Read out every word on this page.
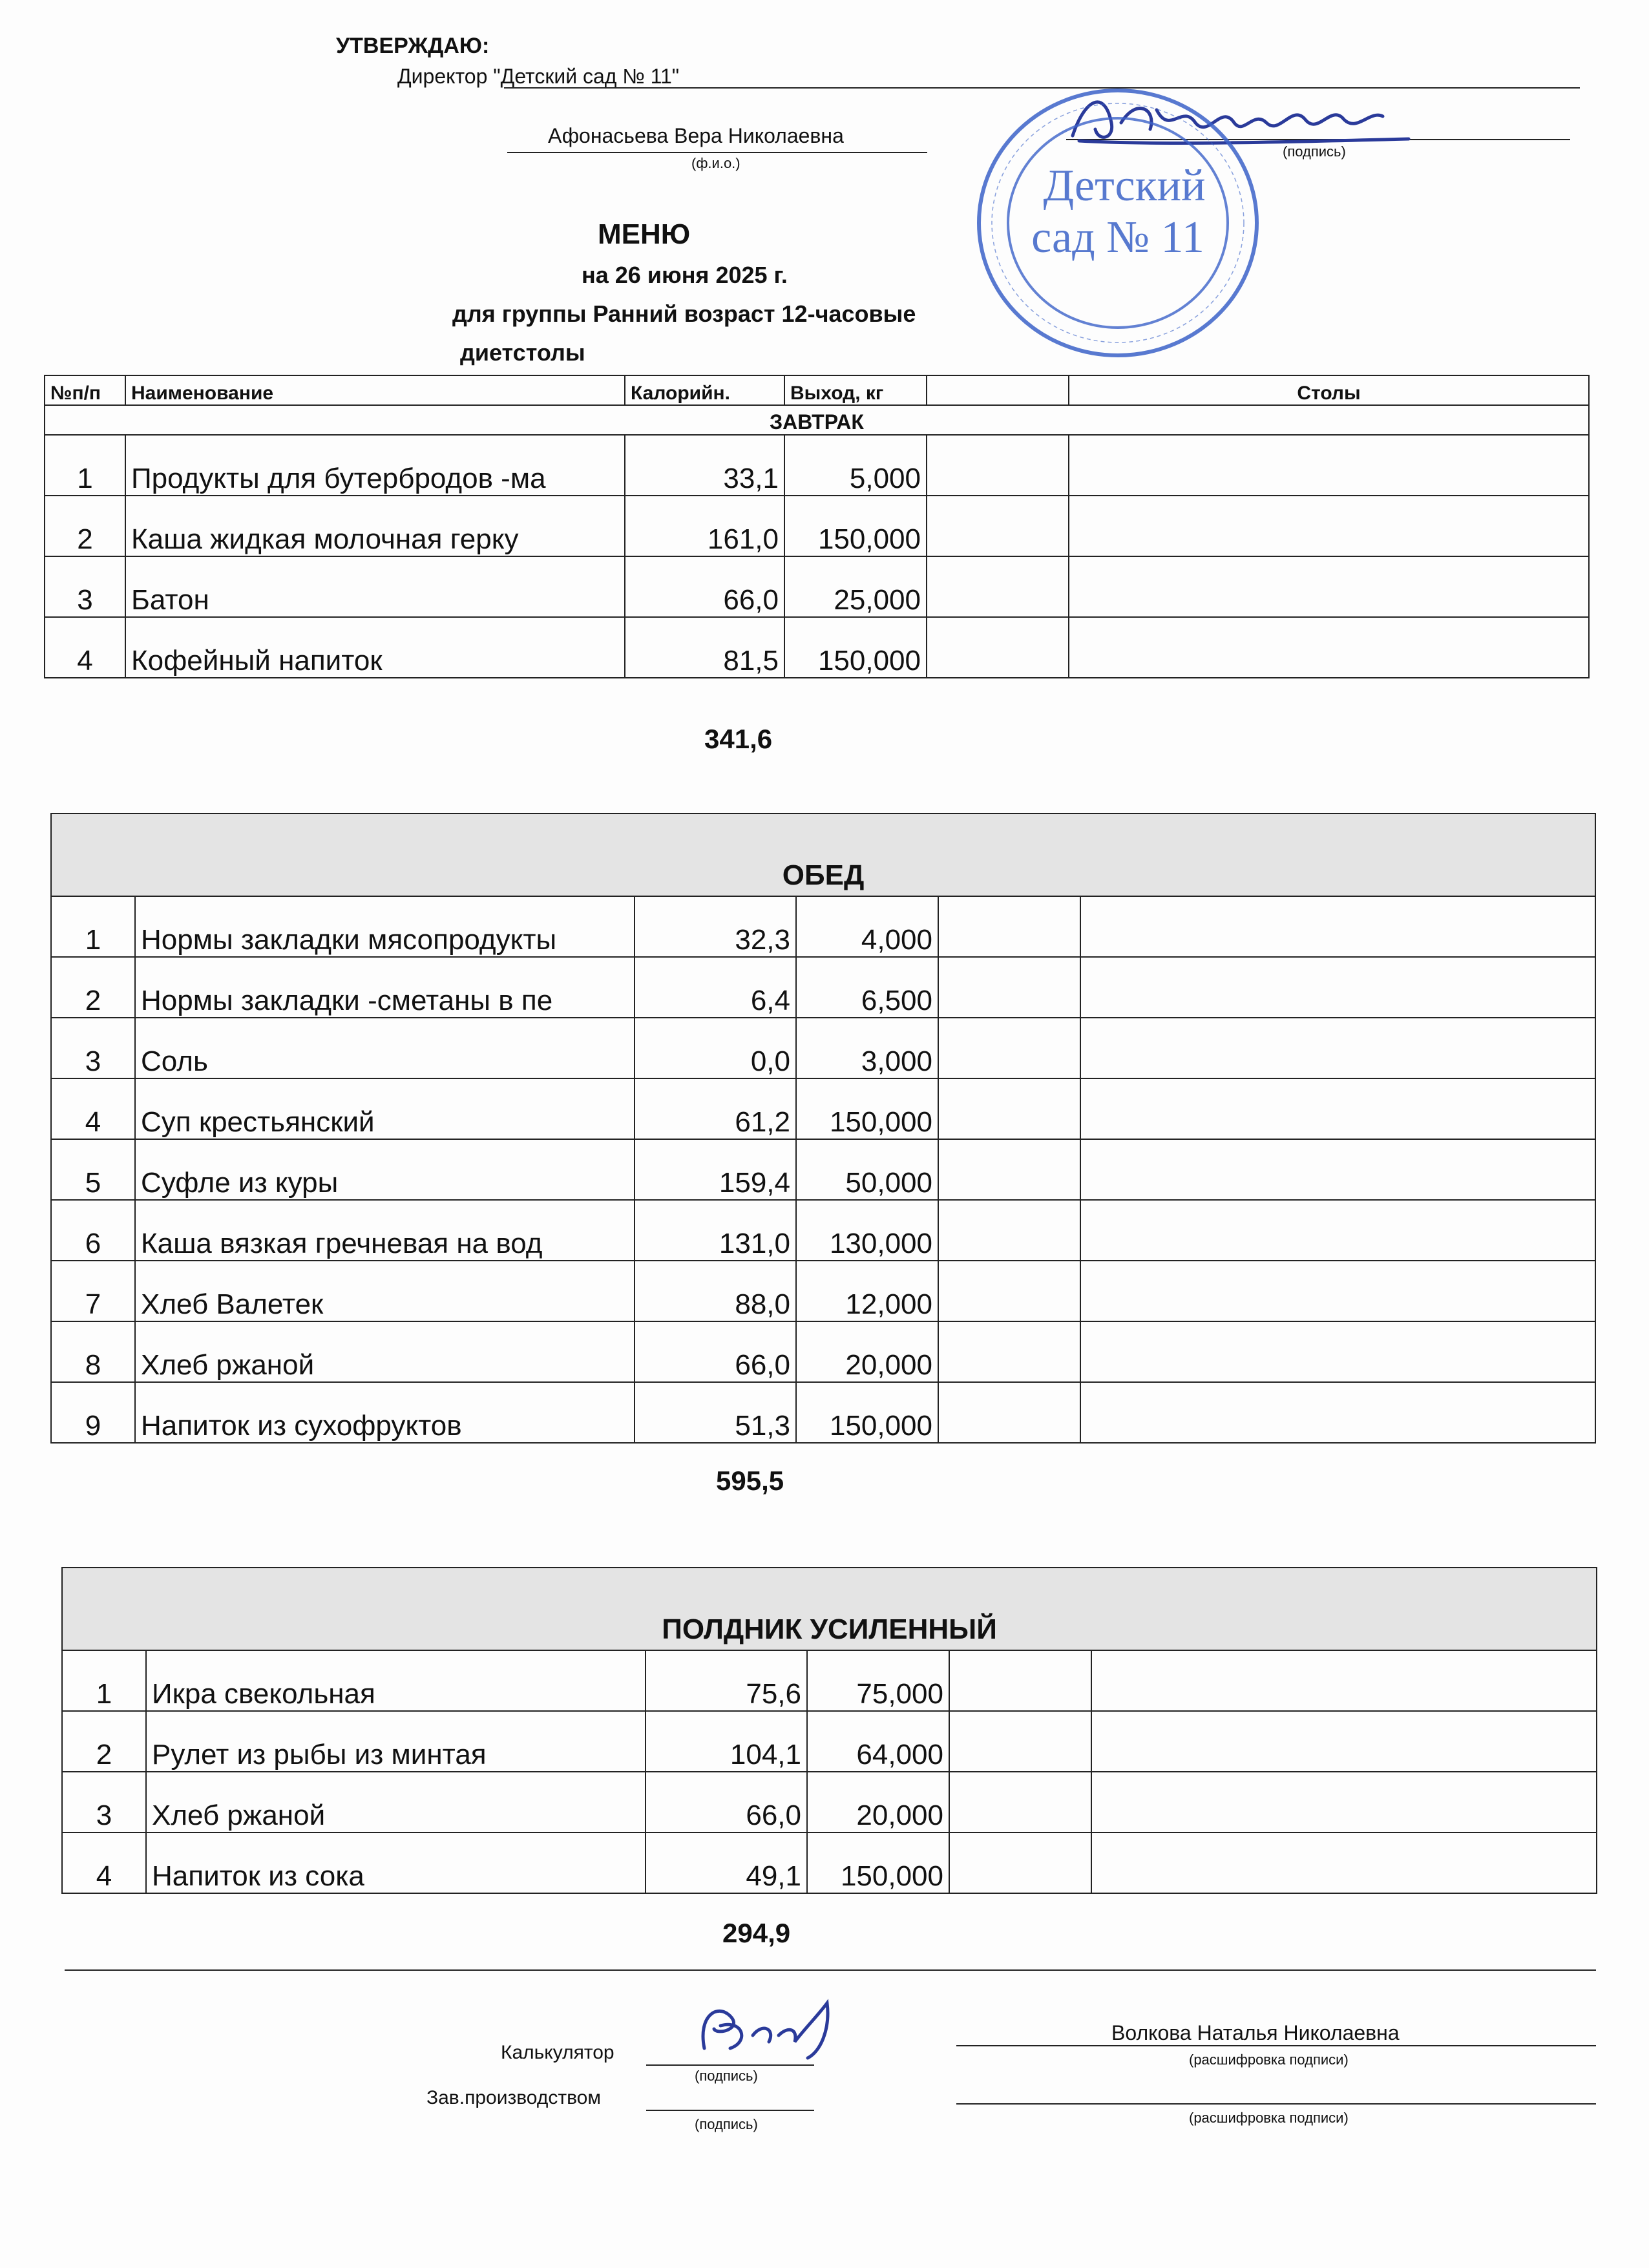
УТВЕРЖДАЮ:
Директор "Детский сад № 11"
Афонасьева Вера Николаевна
(ф.и.о.)
(подпись)
Детский
сад № 11
МЕНЮ
на 26 июня 2025 г.
для группы Ранний возраст 12-часовые
диетстолы
№п/п	Наименование	Калорийн.	Выход, кг		Столы
ЗАВТРАК					
1	Продукты для бутербродов -ма	33,1	5,000		
2	Каша жидкая молочная герку	161,0	150,000		
3	Батон	66,0	25,000		
4	Кофейный напиток	81,5	150,000		
341,6
ОБЕД					
1	Нормы закладки мясопродукты	32,3	4,000		
2	Нормы закладки -сметаны в пе	6,4	6,500		
3	Соль	0,0	3,000		
4	Суп крестьянский	61,2	150,000		
5	Суфле из куры	159,4	50,000		
6	Каша вязкая гречневая на вод	131,0	130,000		
7	Хлеб Валетек	88,0	12,000		
8	Хлеб ржаной	66,0	20,000		
9	Напиток из сухофруктов	51,3	150,000		
595,5
ПОЛДНИК УСИЛЕННЫЙ					
1	Икра свекольная	75,6	75,000		
2	Рулет из рыбы из минтая	104,1	64,000		
3	Хлеб ржаной	66,0	20,000		
4	Напиток из сока	49,1	150,000		
294,9
Калькулятор
(подпись)
Волкова Наталья Николаевна
(расшифровка подписи)
Зав.производством
(подпись)	(расшифровка подписи)
